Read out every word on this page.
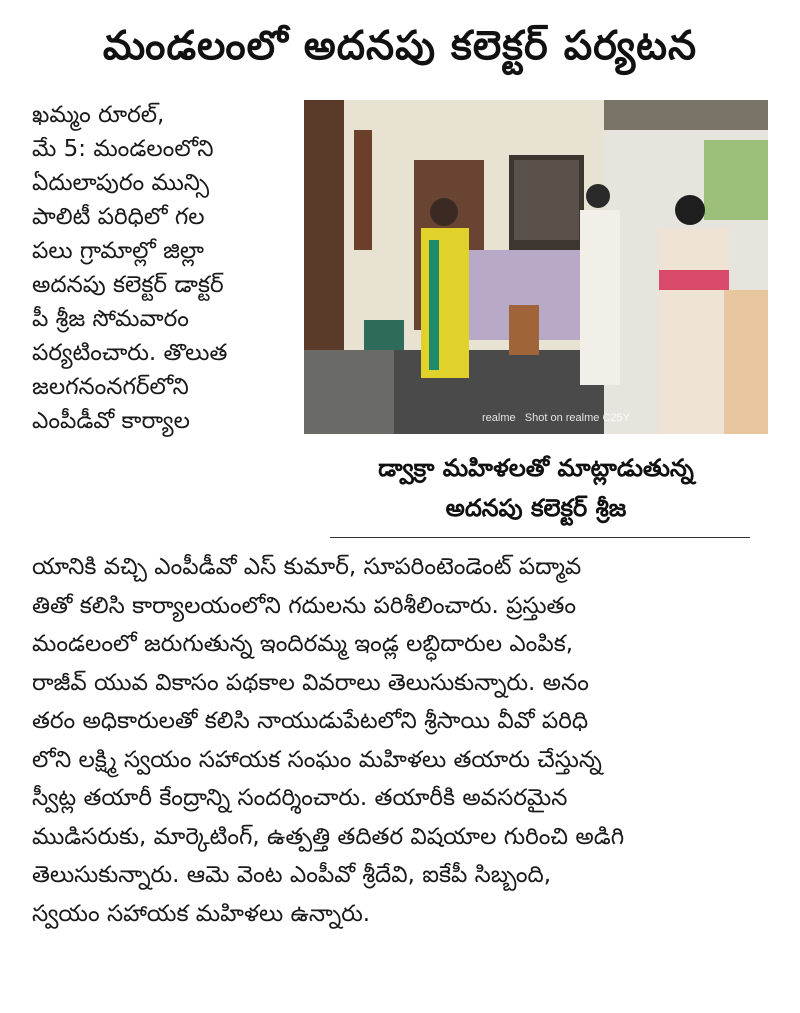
మండలంలో అదనపు కలెక్టర్ పర్యటన
ఖమ్మం రూరల్,
మే 5: మండలంలోని
ఏదులాపురం మున్సి
పాలిటీ పరిధిలో గల
పలు గ్రామాల్లో జిల్లా
అదనపు కలెక్టర్ డాక్టర్
పీ శ్రీజ సోమవారం
పర్యటించారు. తొలుత
జలగనంనగర్‌లోని
ఎంపీడీవో కార్యాల	realme Shot on realme C25Y
డ్వాక్రా మహిళలతో మాట్లాడుతున్న
అదనపు కలెక్టర్ శ్రీజ
యానికి వచ్చి ఎంపీడీవో ఎస్ కుమార్, సూపరింటెండెంట్ పద్మావ
తితో కలిసి కార్యాలయంలోని గదులను పరిశీలించారు. ప్రస్తుతం
మండలంలో జరుగుతున్న ఇందిరమ్మ ఇండ్ల లబ్ధిదారుల ఎంపిక,
రాజీవ్ యువ వికాసం పథకాల వివరాలు తెలుసుకున్నారు. అనం
తరం అధికారులతో కలిసి నాయుడుపేటలోని శ్రీసాయి వీవో పరిధి
లోని లక్ష్మి స్వయం సహాయక సంఘం మహిళలు తయారు చేస్తున్న
స్వీట్ల తయారీ కేంద్రాన్ని సందర్శించారు. తయారీకి అవసరమైన
ముడిసరుకు, మార్కెటింగ్, ఉత్పత్తి తదితర విషయాల గురించి అడిగి
తెలుసుకున్నారు. ఆమె వెంట ఎంపీవో శ్రీదేవి, ఐకేపీ సిబ్బంది,
స్వయం సహాయక మహిళలు ఉన్నారు.
